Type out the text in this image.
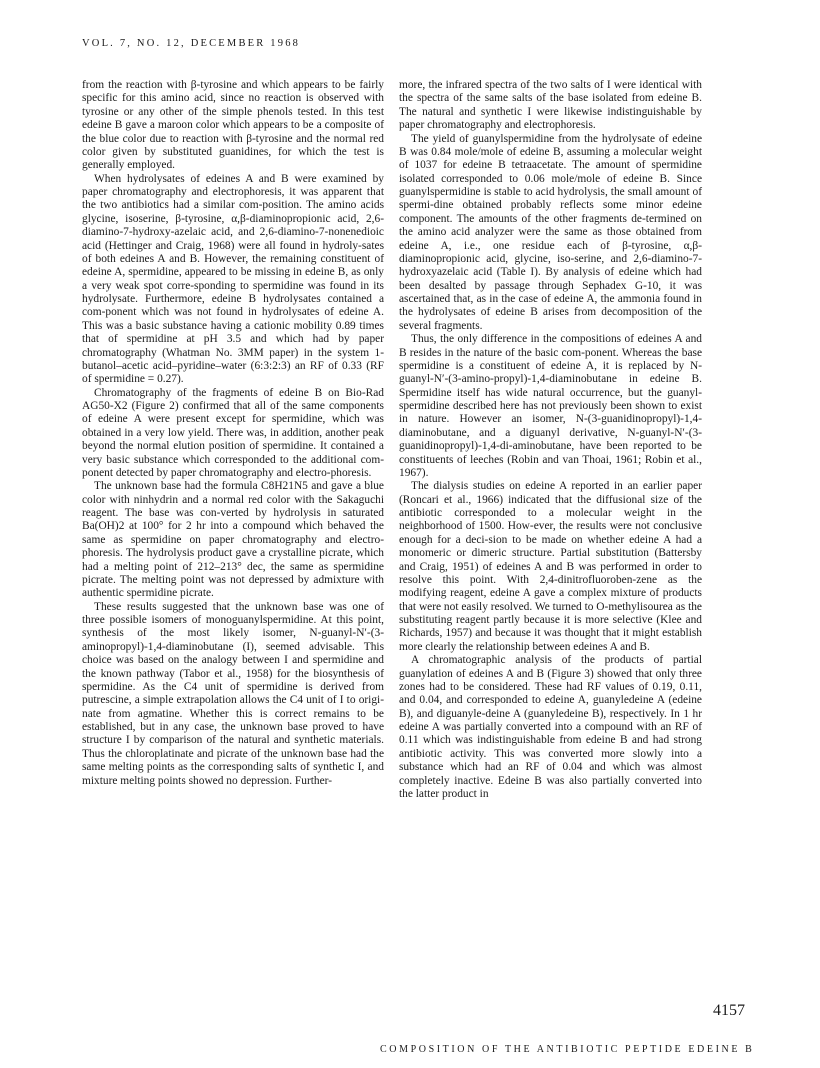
VOL. 7, NO. 12, DECEMBER 1968

from the reaction with β-tyrosine and which appears to be fairly specific for this amino acid, since no reaction is observed with tyrosine or any other of the simple phenols tested. In this test edeine B gave a maroon color which appears to be a composite of the blue color due to reaction with β-tyrosine and the normal red color given by substituted guanidines, for which the test is generally employed.

When hydrolysates of edeines A and B were examined by paper chromatography and electrophoresis, it was apparent that the two antibiotics had a similar com-position. The amino acids glycine, isoserine, β-tyrosine, α,β-diaminopropionic acid, 2,6-diamino-7-hydroxy-azelaic acid, and 2,6-diamino-7-nonenedioic acid (Hettinger and Craig, 1968) were all found in hydroly-sates of both edeines A and B. However, the remaining constituent of edeine A, spermidine, appeared to be missing in edeine B, as only a very weak spot corre-sponding to spermidine was found in its hydrolysate. Furthermore, edeine B hydrolysates contained a com-ponent which was not found in hydrolysates of edeine A. This was a basic substance having a cationic mobility 0.89 times that of spermidine at pH 3.5 and which had by paper chromatography (Whatman No. 3MM paper) in the system 1-butanol–acetic acid–pyridine–water (6:3:2:3) an RF of 0.33 (RF of spermidine = 0.27).

Chromatography of the fragments of edeine B on Bio-Rad AG50-X2 (Figure 2) confirmed that all of the same components of edeine A were present except for spermidine, which was obtained in a very low yield. There was, in addition, another peak beyond the normal elution position of spermidine. It contained a very basic substance which corresponded to the additional com-ponent detected by paper chromatography and electro-phoresis.

The unknown base had the formula C8H21N5 and gave a blue color with ninhydrin and a normal red color with the Sakaguchi reagent. The base was con-verted by hydrolysis in saturated Ba(OH)2 at 100° for 2 hr into a compound which behaved the same as spermidine on paper chromatography and electro-phoresis. The hydrolysis product gave a crystalline picrate, which had a melting point of 212–213° dec, the same as spermidine picrate. The melting point was not depressed by admixture with authentic spermidine picrate.

These results suggested that the unknown base was one of three possible isomers of monoguanylspermidine. At this point, synthesis of the most likely isomer, N-guanyl-N′-(3-aminopropyl)-1,4-diaminobutane (I), seemed advisable. This choice was based on the analogy between I and spermidine and the known pathway (Tabor et al., 1958) for the biosynthesis of spermidine. As the C4 unit of spermidine is derived from putrescine, a simple extrapolation allows the C4 unit of I to origi-nate from agmatine. Whether this is correct remains to be established, but in any case, the unknown base proved to have structure I by comparison of the natural and synthetic materials. Thus the chloroplatinate and picrate of the unknown base had the same melting points as the corresponding salts of synthetic I, and mixture melting points showed no depression. Further-

more, the infrared spectra of the two salts of I were identical with the spectra of the same salts of the base isolated from edeine B. The natural and synthetic I were likewise indistinguishable by paper chromatography and electrophoresis.

The yield of guanylspermidine from the hydrolysate of edeine B was 0.84 mole/mole of edeine B, assuming a molecular weight of 1037 for edeine B tetraacetate. The amount of spermidine isolated corresponded to 0.06 mole/mole of edeine B. Since guanylspermidine is stable to acid hydrolysis, the small amount of spermi-dine obtained probably reflects some minor edeine component. The amounts of the other fragments de-termined on the amino acid analyzer were the same as those obtained from edeine A, i.e., one residue each of β-tyrosine, α,β-diaminopropionic acid, glycine, iso-serine, and 2,6-diamino-7-hydroxyazelaic acid (Table I). By analysis of edeine which had been desalted by passage through Sephadex G-10, it was ascertained that, as in the case of edeine A, the ammonia found in the hydrolysates of edeine B arises from decomposition of the several fragments.

Thus, the only difference in the compositions of edeines A and B resides in the nature of the basic com-ponent. Whereas the base spermidine is a constituent of edeine A, it is replaced by N-guanyl-N′-(3-amino-propyl)-1,4-diaminobutane in edeine B. Spermidine itself has wide natural occurrence, but the guanyl-spermidine described here has not previously been shown to exist in nature. However an isomer, N-(3-guanidinopropyl)-1,4-diaminobutane, and a diguanyl derivative, N-guanyl-N′-(3-guanidinopropyl)-1,4-di-aminobutane, have been reported to be constituents of leeches (Robin and van Thoai, 1961; Robin et al., 1967).

The dialysis studies on edeine A reported in an earlier paper (Roncari et al., 1966) indicated that the diffusional size of the antibiotic corresponded to a molecular weight in the neighborhood of 1500. How-ever, the results were not conclusive enough for a deci-sion to be made on whether edeine A had a monomeric or dimeric structure. Partial substitution (Battersby and Craig, 1951) of edeines A and B was performed in order to resolve this point. With 2,4-dinitrofluoroben-zene as the modifying reagent, edeine A gave a complex mixture of products that were not easily resolved. We turned to O-methylisourea as the substituting reagent partly because it is more selective (Klee and Richards, 1957) and because it was thought that it might establish more clearly the relationship between edeines A and B.

A chromatographic analysis of the products of partial guanylation of edeines A and B (Figure 3) showed that only three zones had to be considered. These had RF values of 0.19, 0.11, and 0.04, and corresponded to edeine A, guanyledeine A (edeine B), and diguanyle-deine A (guanyledeine B), respectively. In 1 hr edeine A was partially converted into a compound with an RF of 0.11 which was indistinguishable from edeine B and had strong antibiotic activity. This was converted more slowly into a substance which had an RF of 0.04 and which was almost completely inactive. Edeine B was also partially converted into the latter product in

4157
COMPOSITION OF THE ANTIBIOTIC PEPTIDE EDEINE B
